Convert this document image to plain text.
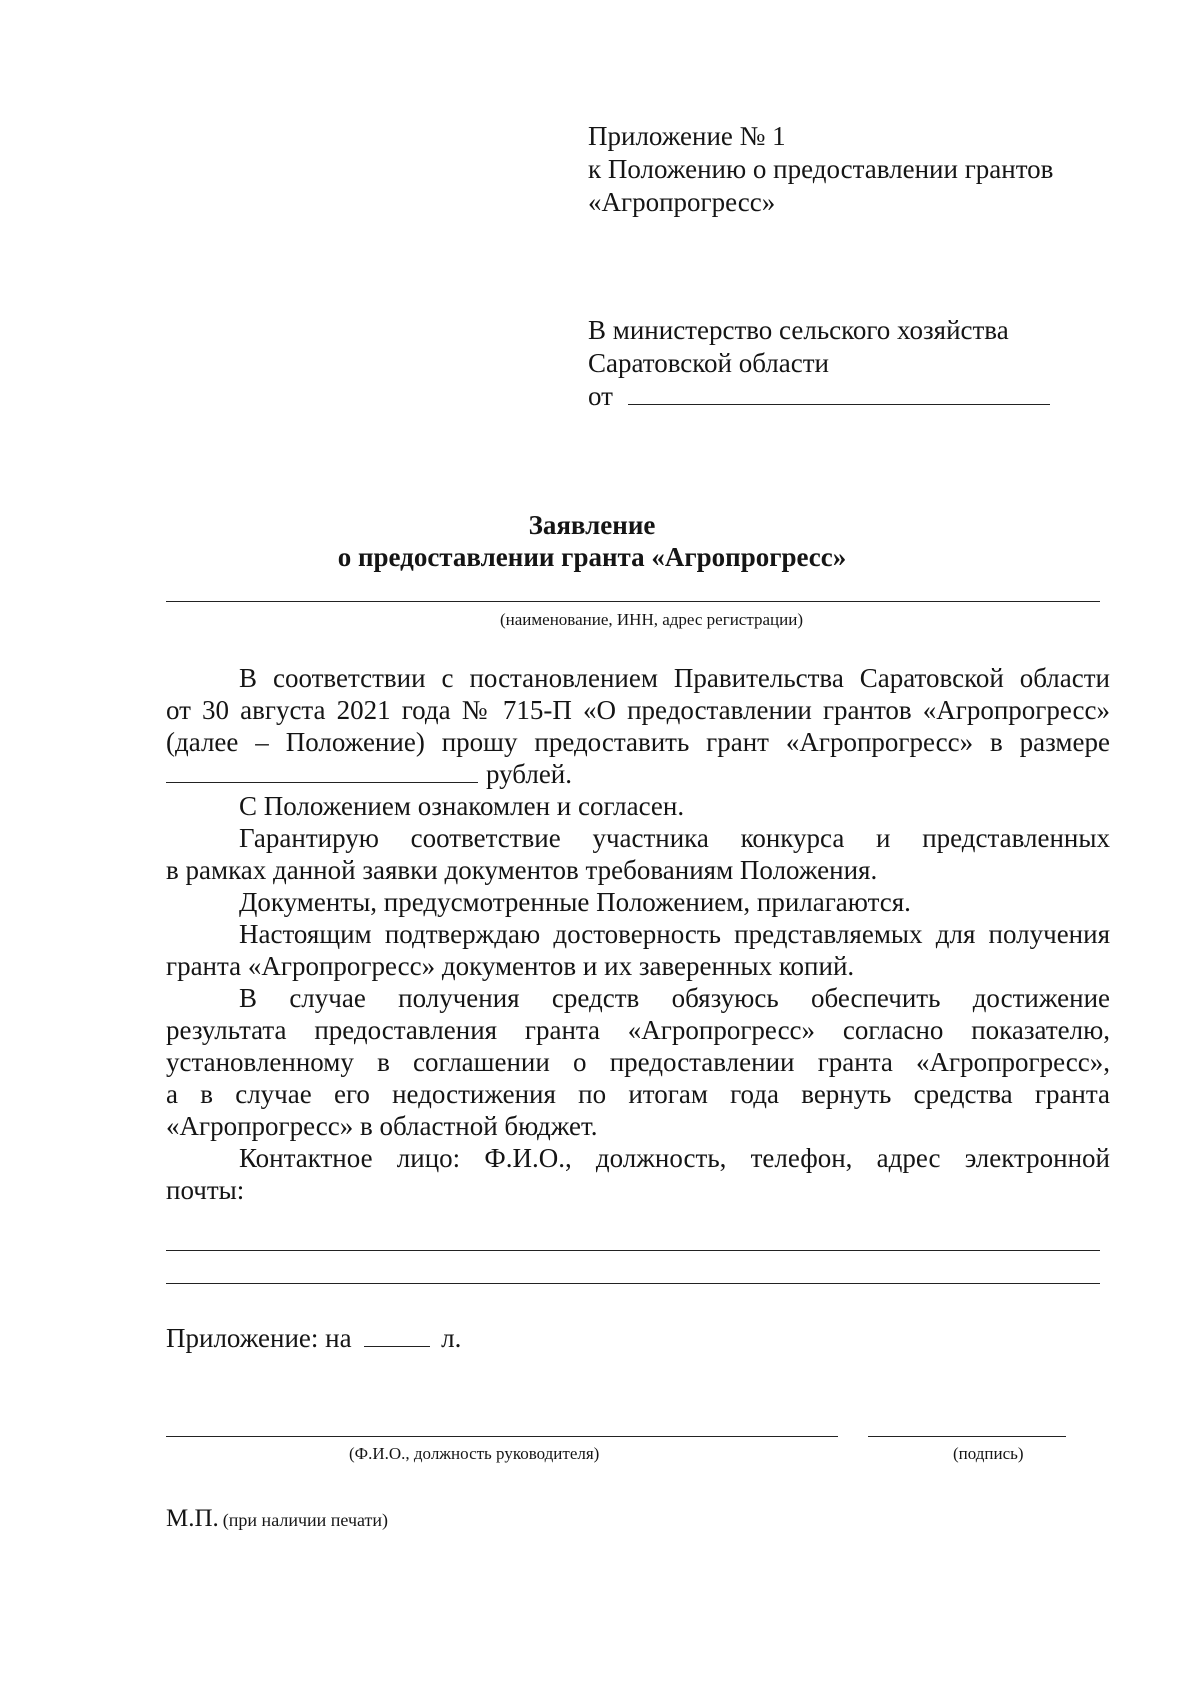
Приложение № 1
к Положению о предоставлении грантов
«Агропрогресс»
В министерство сельского хозяйства
Саратовской области
от
Заявление
о предоставлении гранта «Агропрогресс»
(наименование, ИНН, адрес регистрации)
В соответствии с постановлением Правительства Саратовской области
от 30 августа 2021 года № 715-П «О предоставлении грантов «Агропрогресс»
(далее – Положение) прошу предоставить грант «Агропрогресс» в размере
рублей.
С Положением ознакомлен и согласен.
Гарантирую соответствие участника конкурса и представленных
в рамках данной заявки документов требованиям Положения.
Документы, предусмотренные Положением, прилагаются.
Настоящим подтверждаю достоверность представляемых для получения
гранта «Агропрогресс» документов и их заверенных копий.
В случае получения средств обязуюсь обеспечить достижение
результата предоставления гранта «Агропрогресс» согласно показателю,
установленному в соглашении о предоставлении гранта «Агропрогресс»,
а в случае его недостижения по итогам года вернуть средства гранта
«Агропрогресс» в областной бюджет.
Контактное лицо: Ф.И.О., должность, телефон, адрес электронной
почты:
Приложение: на	л.
(Ф.И.О., должность руководителя)	(подпись)
М.П. (при наличии печати)
